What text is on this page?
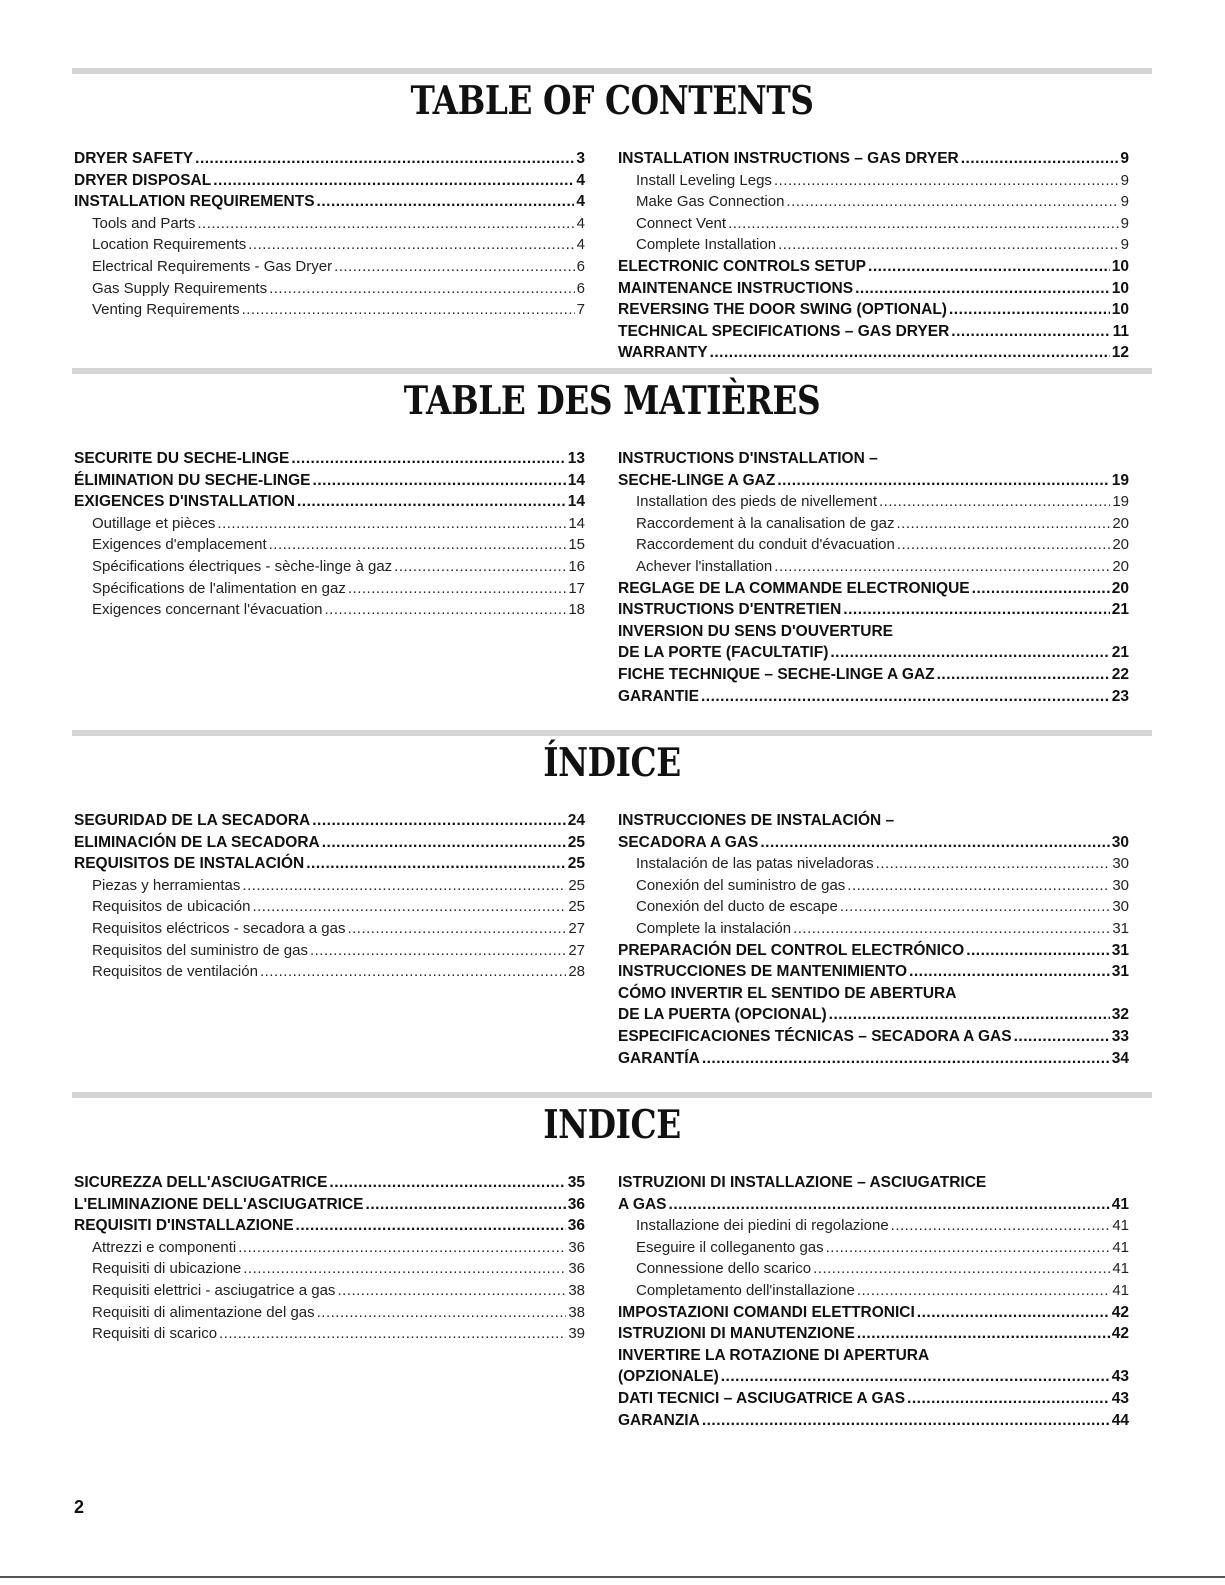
TABLE OF CONTENTS
DRYER SAFETY .....	3
DRYER DISPOSAL .....	4
INSTALLATION REQUIREMENTS .....	4
Tools and Parts .....	4
Location Requirements .....	4
Electrical Requirements - Gas Dryer .....	6
Gas Supply Requirements .....	6
Venting Requirements .....	7
INSTALLATION INSTRUCTIONS – GAS DRYER .....	9
Install Leveling Legs .....	9
Make Gas Connection .....	9
Connect Vent .....	9
Complete Installation .....	9
ELECTRONIC CONTROLS SETUP .....	10
MAINTENANCE INSTRUCTIONS .....	10
REVERSING THE DOOR SWING (OPTIONAL) .....	10
TECHNICAL SPECIFICATIONS – GAS DRYER .....	11
WARRANTY .....	12
TABLE DES MATIÈRES
SECURITE DU SECHE-LINGE .....	13
ÉLIMINATION DU SECHE-LINGE .....	14
EXIGENCES D'INSTALLATION .....	14
Outillage et pièces .....	14
Exigences d'emplacement .....	15
Spécifications électriques - sèche-linge à gaz .....	16
Spécifications de l'alimentation en gaz .....	17
Exigences concernant l'évacuation .....	18
INSTRUCTIONS D'INSTALLATION –
SECHE-LINGE A GAZ .....	19
Installation des pieds de nivellement .....	19
Raccordement à la canalisation de gaz .....	20
Raccordement du conduit d'évacuation .....	20
Achever l'installation .....	20
REGLAGE DE LA COMMANDE ELECTRONIQUE .....	20
INSTRUCTIONS D'ENTRETIEN .....	21
INVERSION DU SENS D'OUVERTURE
DE LA PORTE (FACULTATIF) .....	21
FICHE TECHNIQUE – SECHE-LINGE A GAZ .....	22
GARANTIE .....	23
ÍNDICE
SEGURIDAD DE LA SECADORA .....	24
ELIMINACIÓN DE LA SECADORA .....	25
REQUISITOS DE INSTALACIÓN .....	25
Piezas y herramientas .....	25
Requisitos de ubicación .....	25
Requisitos eléctricos - secadora a gas .....	27
Requisitos del suministro de gas .....	27
Requisitos de ventilación .....	28
INSTRUCCIONES DE INSTALACIÓN –
SECADORA A GAS .....	30
Instalación de las patas niveladoras .....	30
Conexión del suministro de gas .....	30
Conexión del ducto de escape .....	30
Complete la instalación .....	31
PREPARACIÓN DEL CONTROL ELECTRÓNICO .....	31
INSTRUCCIONES DE MANTENIMIENTO .....	31
CÓMO INVERTIR EL SENTIDO DE ABERTURA
DE LA PUERTA (OPCIONAL) .....	32
ESPECIFICACIONES TÉCNICAS – SECADORA A GAS .....	33
GARANTÍA .....	34
INDICE
SICUREZZA DELL'ASCIUGATRICE .....	35
L'ELIMINAZIONE DELL'ASCIUGATRICE .....	36
REQUISITI D'INSTALLAZIONE .....	36
Attrezzi e componenti .....	36
Requisiti di ubicazione .....	36
Requisiti elettrici - asciugatrice a gas .....	38
Requisiti di alimentazione del gas .....	38
Requisiti di scarico .....	39
ISTRUZIONI DI INSTALLAZIONE – ASCIUGATRICE
A GAS .....	41
Installazione dei piedini di regolazione .....	41
Eseguire il colleganento gas .....	41
Connessione dello scarico .....	41
Completamento dell'installazione .....	41
IMPOSTAZIONI COMANDI ELETTRONICI .....	42
ISTRUZIONI DI MANUTENZIONE .....	42
INVERTIRE LA ROTAZIONE DI APERTURA
(OPZIONALE) .....	43
DATI TECNICI – ASCIUGATRICE A GAS .....	43
GARANZIA .....	44
2
